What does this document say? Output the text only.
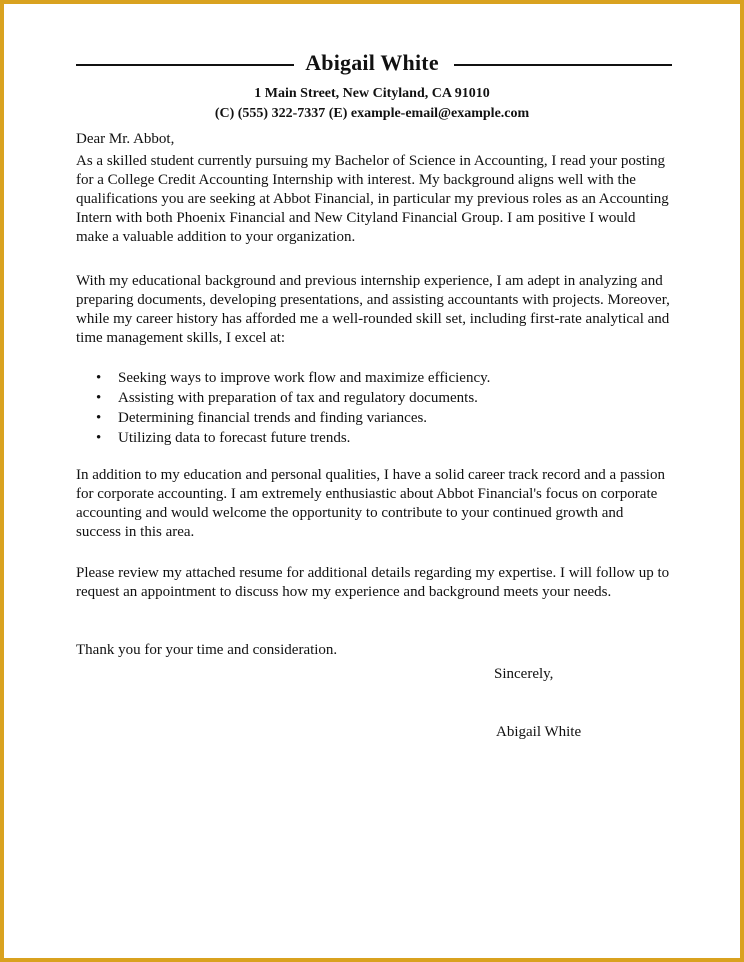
Abigail White
1 Main Street, New Cityland, CA 91010
(C) (555) 322-7337 (E) example-email@example.com
Dear Mr. Abbot,
As a skilled student currently pursuing my Bachelor of Science in Accounting, I read your posting for a College Credit Accounting Internship with interest. My background aligns well with the qualifications you are seeking at Abbot Financial, in particular my previous roles as an Accounting Intern with both Phoenix Financial and New Cityland Financial Group. I am positive I would make a valuable addition to your organization.
With my educational background and previous internship experience, I am adept in analyzing and preparing documents, developing presentations, and assisting accountants with projects. Moreover, while my career history has afforded me a well-rounded skill set, including first-rate analytical and time management skills, I excel at:
• Seeking ways to improve work flow and maximize efficiency.
• Assisting with preparation of tax and regulatory documents.
• Determining financial trends and finding variances.
• Utilizing data to forecast future trends.
In addition to my education and personal qualities, I have a solid career track record and a passion for corporate accounting. I am extremely enthusiastic about Abbot Financial's focus on corporate accounting and would welcome the opportunity to contribute to your continued growth and success in this area.
Please review my attached resume for additional details regarding my expertise. I will follow up to request an appointment to discuss how my experience and background meets your needs.
Thank you for your time and consideration.
Sincerely,
Abigail White
